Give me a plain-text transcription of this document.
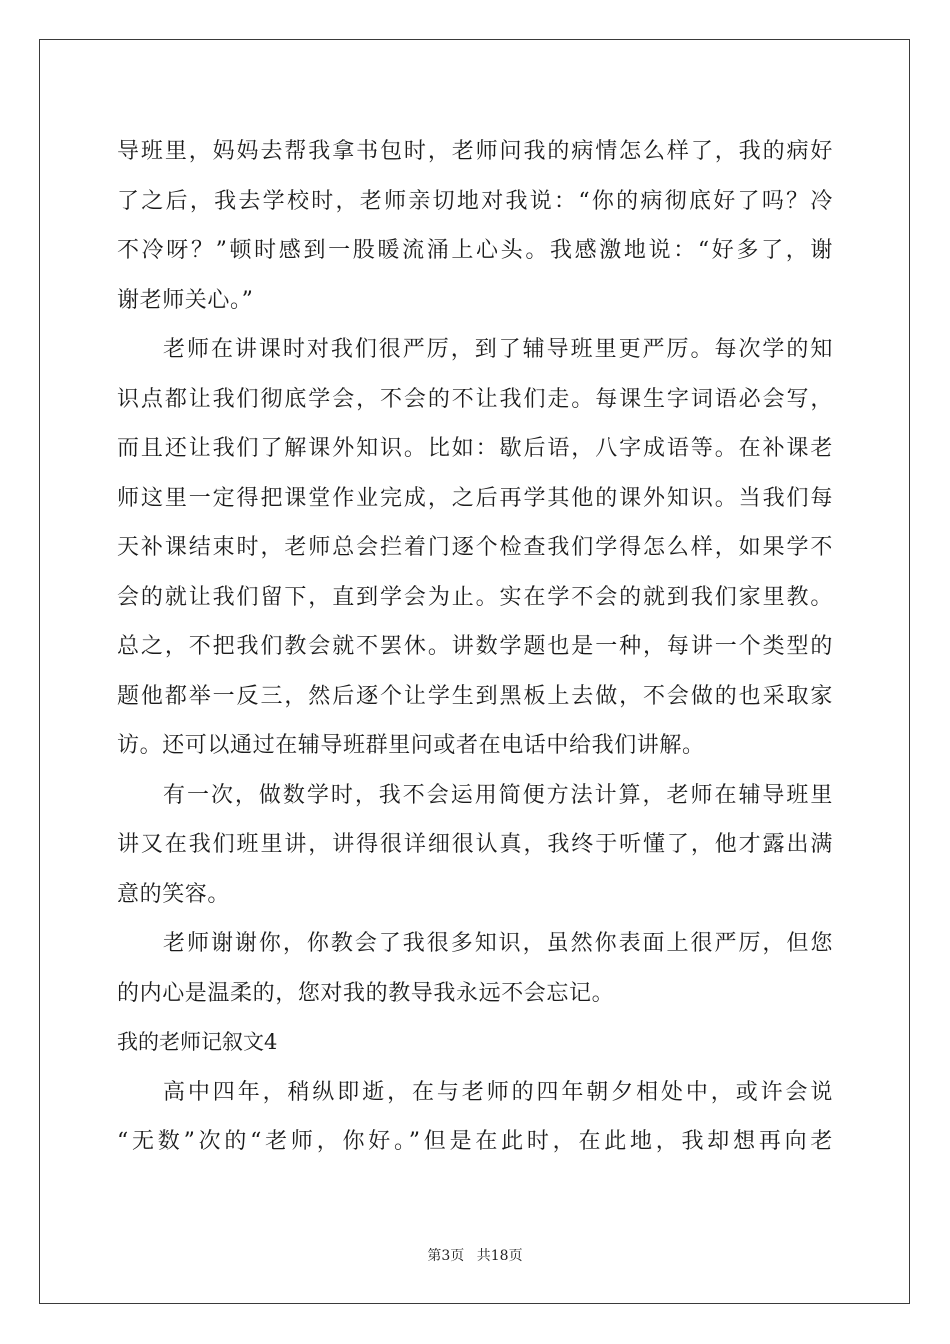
导班里，妈妈去帮我拿书包时，老师问我的病情怎么样了，我的病好
了之后，我去学校时，老师亲切地对我说：“你的病彻底好了吗？冷
不冷呀？”顿时感到一股暖流涌上心头。我感激地说：“好多了，谢
谢老师关心。”
老师在讲课时对我们很严厉，到了辅导班里更严厉。每次学的知
识点都让我们彻底学会，不会的不让我们走。每课生字词语必会写，
而且还让我们了解课外知识。比如：歇后语，八字成语等。在补课老
师这里一定得把课堂作业完成，之后再学其他的课外知识。当我们每
天补课结束时，老师总会拦着门逐个检查我们学得怎么样，如果学不
会的就让我们留下，直到学会为止。实在学不会的就到我们家里教。
总之，不把我们教会就不罢休。讲数学题也是一种，每讲一个类型的
题他都举一反三，然后逐个让学生到黑板上去做，不会做的也采取家
访。还可以通过在辅导班群里问或者在电话中给我们讲解。
有一次，做数学时，我不会运用简便方法计算，老师在辅导班里
讲又在我们班里讲，讲得很详细很认真，我终于听懂了，他才露出满
意的笑容。
老师谢谢你，你教会了我很多知识，虽然你表面上很严厉，但您
的内心是温柔的，您对我的教导我永远不会忘记。
我的老师记叙文4
高中四年，稍纵即逝，在与老师的四年朝夕相处中，或许会说
“无数”次的“老师，你好。”但是在此时，在此地，我却想再向老
第3页 共18页
